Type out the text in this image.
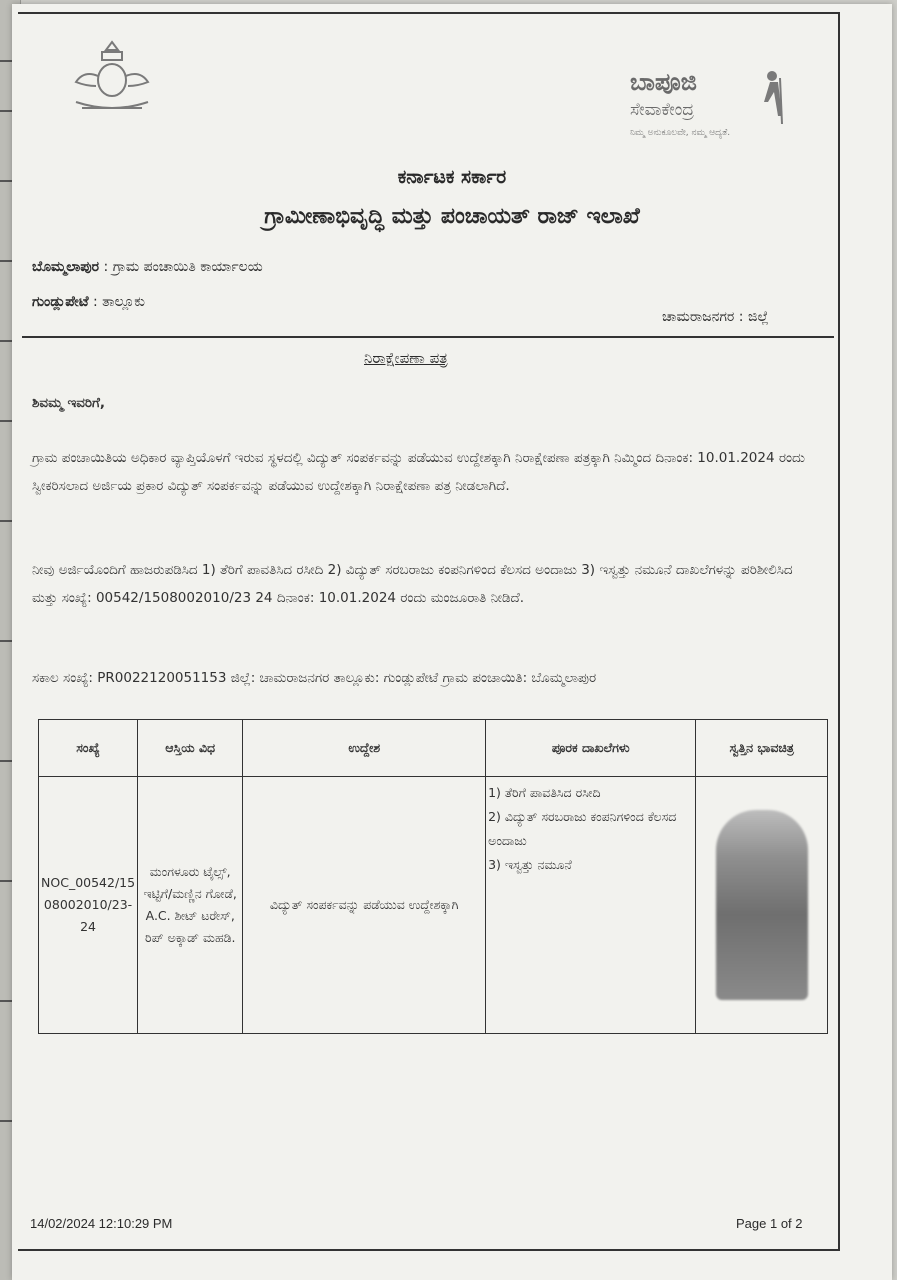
ಬಾಪೂಜಿ
ಸೇವಾಕೇಂದ್ರ
ನಿಮ್ಮ ಅನುಕೂಲವೇ, ನಮ್ಮ ಆದ್ಯತೆ.
ಕರ್ನಾಟಕ ಸರ್ಕಾರ
ಗ್ರಾಮೀಣಾಭಿವೃದ್ಧಿ ಮತ್ತು ಪಂಚಾಯತ್ ರಾಜ್ ಇಲಾಖೆ
ಬೊಮ್ಮಲಾಪುರ : ಗ್ರಾಮ ಪಂಚಾಯಿತಿ ಕಾರ್ಯಾಲಯ
ಗುಂಡ್ಲುಪೇಟೆ : ತಾಲ್ಲೂಕು
ಚಾಮರಾಜನಗರ : ಜಿಲ್ಲೆ
ನಿರಾಕ್ಷೇಪಣಾ ಪತ್ರ
ಶಿವಮ್ಮ ಇವರಿಗೆ,
ಗ್ರಾಮ ಪಂಚಾಯಿತಿಯ ಅಧಿಕಾರ ವ್ಯಾಪ್ತಿಯೊಳಗೆ ಇರುವ ಸ್ಥಳದಲ್ಲಿ ವಿದ್ಯುತ್ ಸಂಪರ್ಕವನ್ನು ಪಡೆಯುವ ಉದ್ದೇಶಕ್ಕಾಗಿ ನಿರಾಕ್ಷೇಪಣಾ ಪತ್ರಕ್ಕಾಗಿ ನಿಮ್ಮಿಂದ ದಿನಾಂಕ: 10.01.2024 ರಂದು ಸ್ವೀಕರಿಸಲಾದ ಅರ್ಜಿಯ ಪ್ರಕಾರ ವಿದ್ಯುತ್ ಸಂಪರ್ಕವನ್ನು ಪಡೆಯುವ ಉದ್ದೇಶಕ್ಕಾಗಿ ನಿರಾಕ್ಷೇಪಣಾ ಪತ್ರ ನೀಡಲಾಗಿದೆ.
ನೀವು ಅರ್ಜಿಯೊಂದಿಗೆ ಹಾಜರುಪಡಿಸಿದ 1) ತೆರಿಗೆ ಪಾವತಿಸಿದ ರಸೀದಿ 2) ವಿದ್ಯುತ್ ಸರಬರಾಜು ಕಂಪನಿಗಳಿಂದ ಕೆಲಸದ ಅಂದಾಜು 3) ಇಸ್ವತ್ತು ನಮೂನೆ ದಾಖಲೆಗಳನ್ನು ಪರಿಶೀಲಿಸಿದ ಮತ್ತು ಸಂಖ್ಯೆ: 00542/1508002010/23 24 ದಿನಾಂಕ: 10.01.2024 ರಂದು ಮಂಜೂರಾತಿ ನೀಡಿದೆ.
ಸಕಾಲ ಸಂಖ್ಯೆ: PR0022120051153 ಜಿಲ್ಲೆ: ಚಾಮರಾಜನಗರ ತಾಲ್ಲೂಕು: ಗುಂಡ್ಲುಪೇಟೆ ಗ್ರಾಮ ಪಂಚಾಯಿತಿ: ಬೊಮ್ಮಲಾಪುರ
ಸಂಖ್ಯೆ	ಆಸ್ತಿಯ ವಿಧ	ಉದ್ದೇಶ	ಪೂರಕ ದಾಖಲೆಗಳು	ಸ್ವತ್ತಿನ ಭಾವಚಿತ್ರ
NOC_00542/1508002010/23-24	ಮಂಗಳೂರು ಟೈಲ್ಸ್, ಇಟ್ಟಿಗೆ/ಮಣ್ಣಿನ ಗೋಡೆ, A.C. ಶೀಟ್ ಟರೇಸ್, ರಿಪ್ ಅಕ್ಕಾಡ್ ಮಹಡಿ.	ವಿದ್ಯುತ್ ಸಂಪರ್ಕವನ್ನು ಪಡೆಯುವ ಉದ್ದೇಶಕ್ಕಾಗಿ	1) ತೆರಿಗೆ ಪಾವತಿಸಿದ ರಸೀದಿ
2) ವಿದ್ಯುತ್ ಸರಬರಾಜು ಕಂಪನಿಗಳಿಂದ ಕೆಲಸದ ಅಂದಾಜು
3) ಇಸ್ವತ್ತು ನಮೂನೆ	

14/02/2024 12:10:29 PM	Page 1 of 2
